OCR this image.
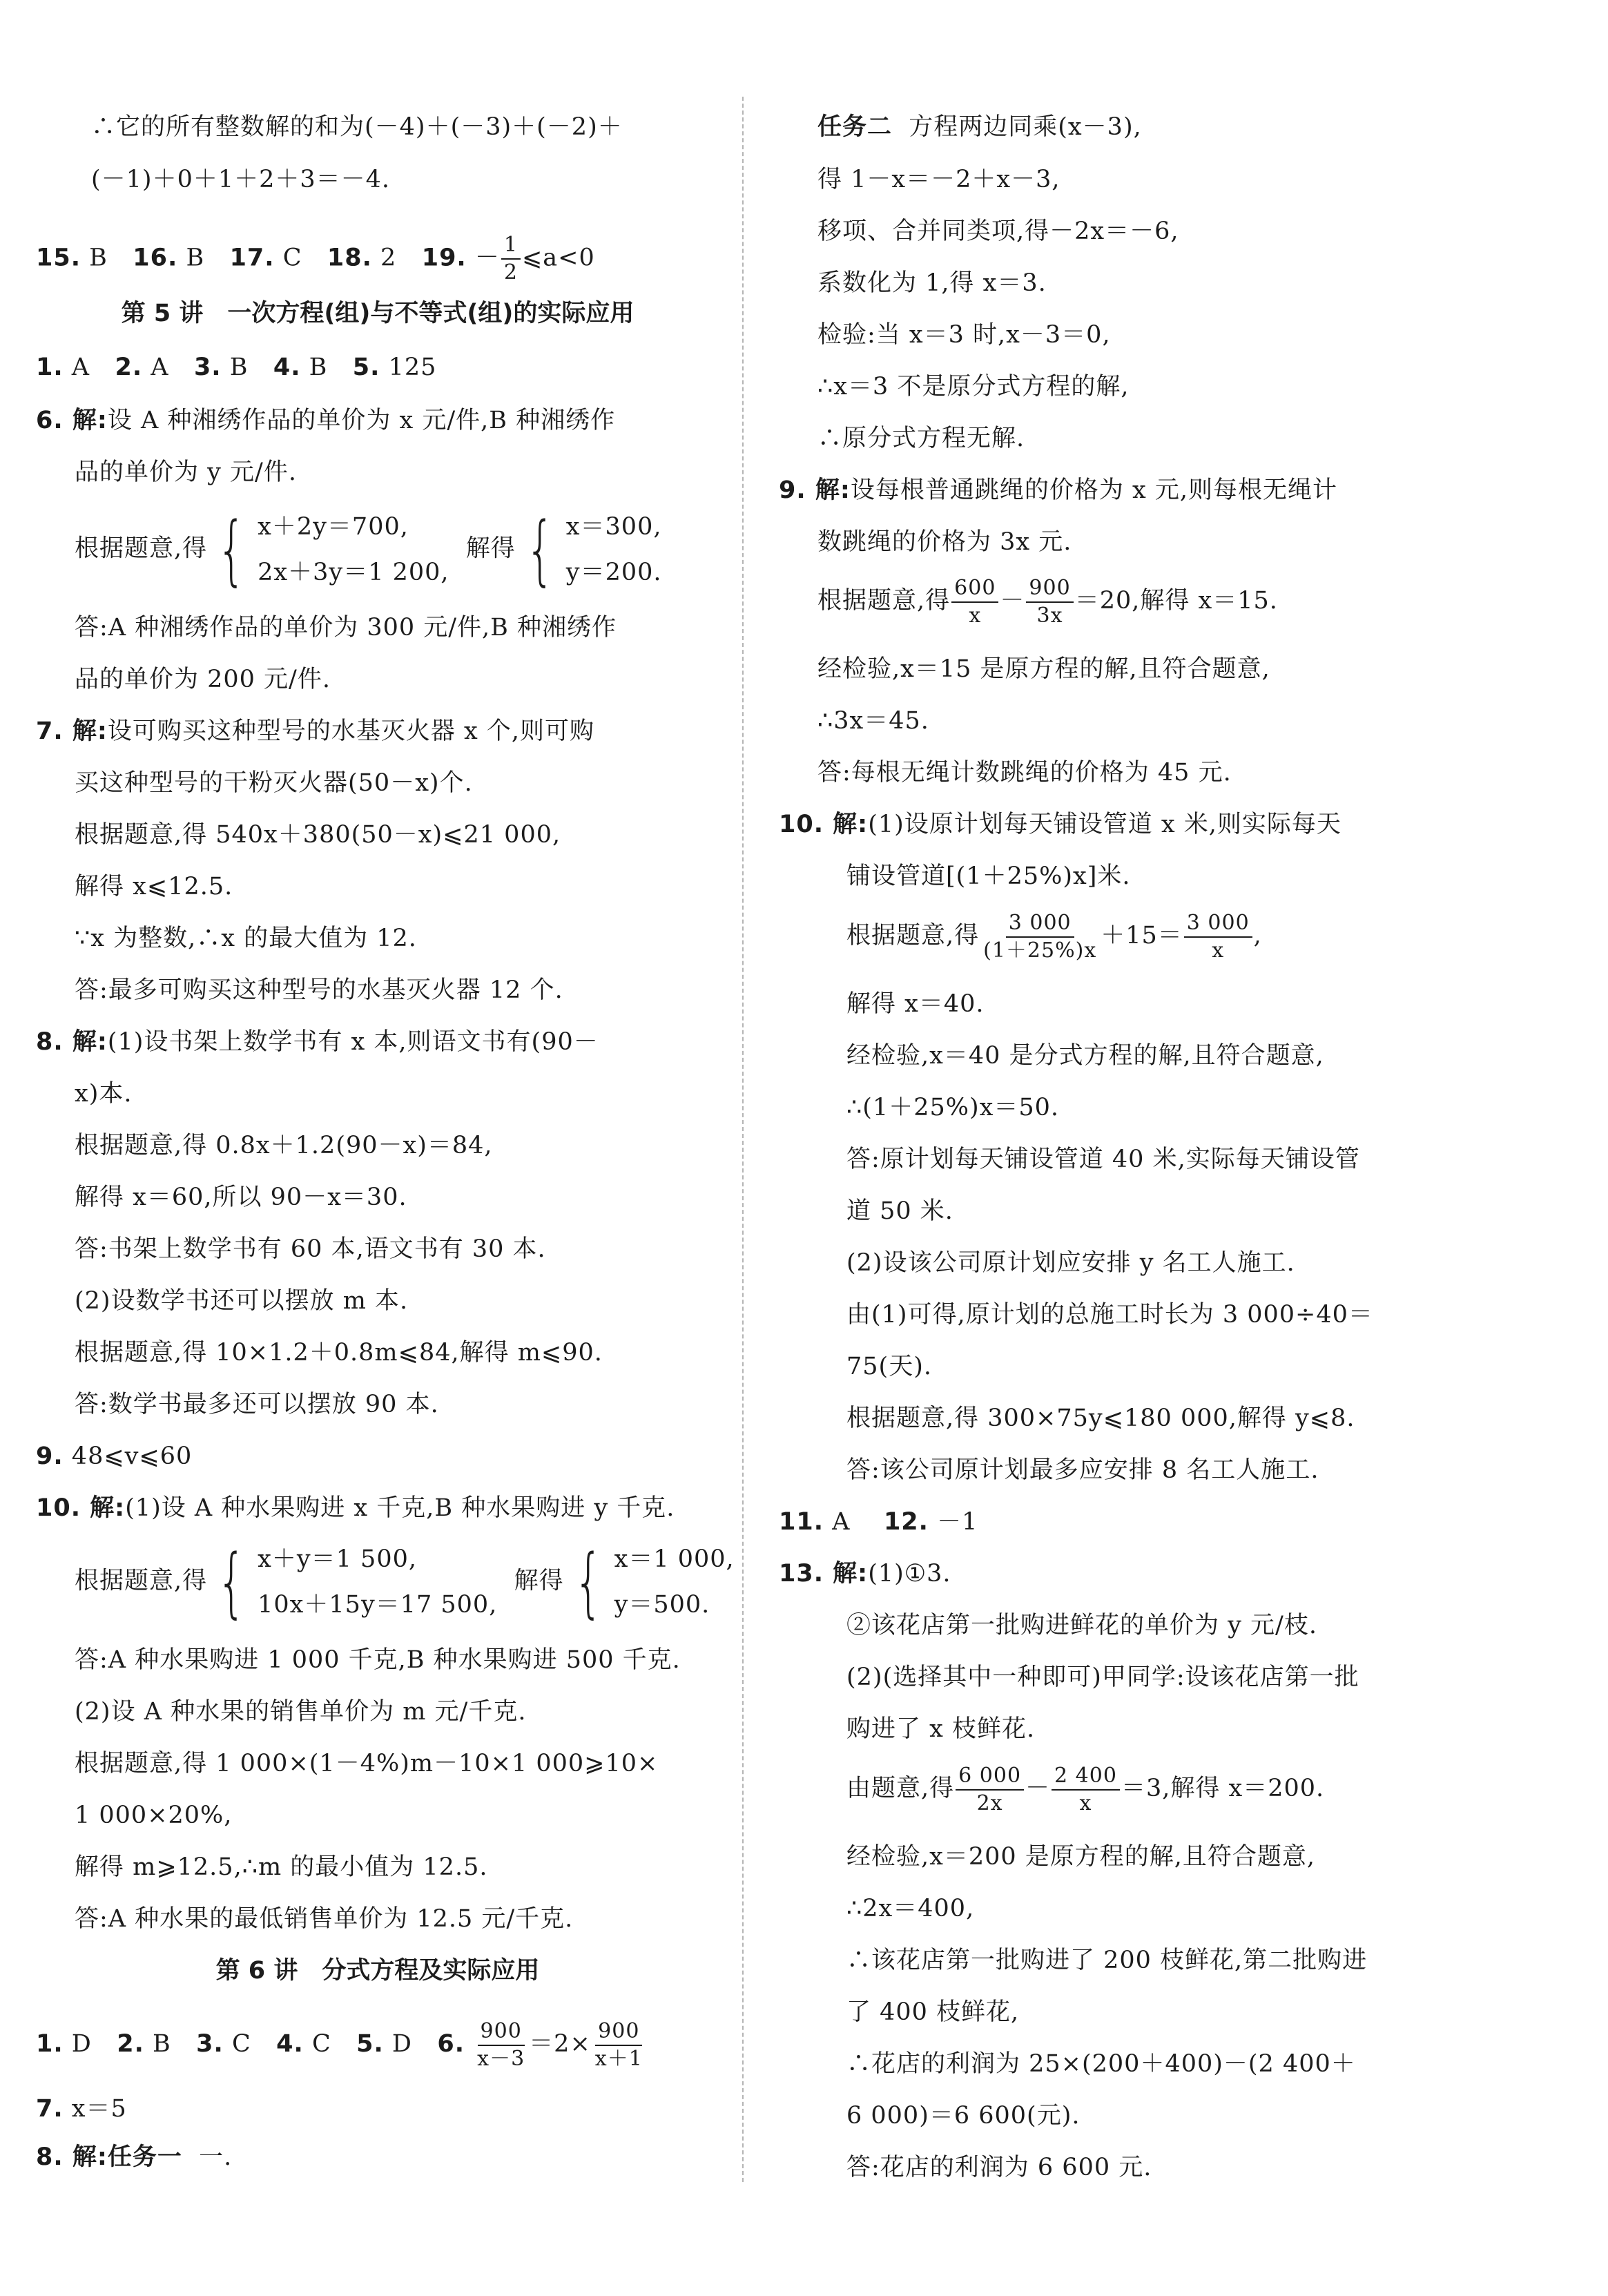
∴它的所有整数解的和为(－4)＋(－3)＋(－2)＋
(－1)＋0＋1＋2＋3＝－4.
15. B 16. B 17. C 18. 2 19. － $\frac{1}{2}$ ⩽a<0
第 5 讲　一次方程(组)与不等式(组)的实际应用
1. A 2. A 3. B 4. B 5. 125
6. 解:设 A 种湘绣作品的单价为 x 元/件,B 种湘绣作
品的单价为 y 元/件.
根据题意,得 { x＋2y＝700,
2x＋3y＝1 200,
解得 { x＝300,
y＝200.
答:A 种湘绣作品的单价为 300 元/件,B 种湘绣作
品的单价为 200 元/件.
7. 解:设可购买这种型号的水基灭火器 x 个,则可购
买这种型号的干粉灭火器(50－x)个.
根据题意,得 540x＋380(50－x)⩽21 000,
解得 x⩽12.5.
∵x 为整数,∴x 的最大值为 12.
答:最多可购买这种型号的水基灭火器 12 个.
8. 解:(1)设书架上数学书有 x 本,则语文书有(90－
x)本.
根据题意,得 0.8x＋1.2(90－x)＝84,
解得 x＝60,所以 90－x＝30.
答:书架上数学书有 60 本,语文书有 30 本.
(2)设数学书还可以摆放 m 本.
根据题意,得 10×1.2＋0.8m⩽84,解得 m⩽90.
答:数学书最多还可以摆放 90 本.
9. 48⩽v⩽60
10. 解:(1)设 A 种水果购进 x 千克,B 种水果购进 y 千克.
根据题意,得 { x＋y＝1 500,
10x＋15y＝17 500,
解得 { x＝1 000,
y＝500.
答:A 种水果购进 1 000 千克,B 种水果购进 500 千克.
(2)设 A 种水果的销售单价为 m 元/千克.
根据题意,得 1 000×(1－4%)m－10×1 000⩾10×
1 000×20%,
解得 m⩾12.5,∴m 的最小值为 12.5.
答:A 种水果的最低销售单价为 12.5 元/千克.
第 6 讲　分式方程及实际应用
1. D 2. B 3. C 4. C 5. D 6. $\frac{900}{x-3} =2\times \frac{900}{x+1}$
7. x＝5
8. 解:任务一 一.
任务二 方程两边同乘(x－3),
得 1－x＝－2＋x－3,
移项、合并同类项,得－2x＝－6,
系数化为 1,得 x＝3.
检验:当 x＝3 时,x－3＝0,
∴x＝3 不是原分式方程的解,
∴原分式方程无解.
9. 解:设每根普通跳绳的价格为 x 元,则每根无绳计
数跳绳的价格为 3x 元.
根据题意,得 $\frac{600}{x} - \frac{900}{3x} =20$,解得 x＝15.
经检验,x＝15 是原方程的解,且符合题意,
∴3x＝45.
答:每根无绳计数跳绳的价格为 45 元.
10. 解:(1)设原计划每天铺设管道 x 米,则实际每天
铺设管道[(1＋25%)x]米.
根据题意,得 $\frac{3 000}{(1+25\%)x} +15= \frac{3 000}{x}$ ,
解得 x＝40.
经检验,x＝40 是分式方程的解,且符合题意,
∴(1＋25%)x＝50.
答:原计划每天铺设管道 40 米,实际每天铺设管
道 50 米.
(2)设该公司原计划应安排 y 名工人施工.
由(1)可得,原计划的总施工时长为 3 000÷40＝
75(天).
根据题意,得 300×75y⩽180 000,解得 y⩽8.
答:该公司原计划最多应安排 8 名工人施工.
11. A 12. －1
13. 解:(1)①3.
②该花店第一批购进鲜花的单价为 y 元/枝.
(2)(选择其中一种即可)甲同学:设该花店第一批
购进了 x 枝鲜花.
由题意,得 $\frac{6 000}{2x} - \frac{2 400}{x} =3$,解得 x＝200.
经检验,x＝200 是原方程的解,且符合题意,
∴2x＝400,
∴该花店第一批购进了 200 枝鲜花,第二批购进
了 400 枝鲜花,
∴花店的利润为 25×(200＋400)－(2 400＋
6 000)＝6 600(元).
答:花店的利润为 6 600 元.
